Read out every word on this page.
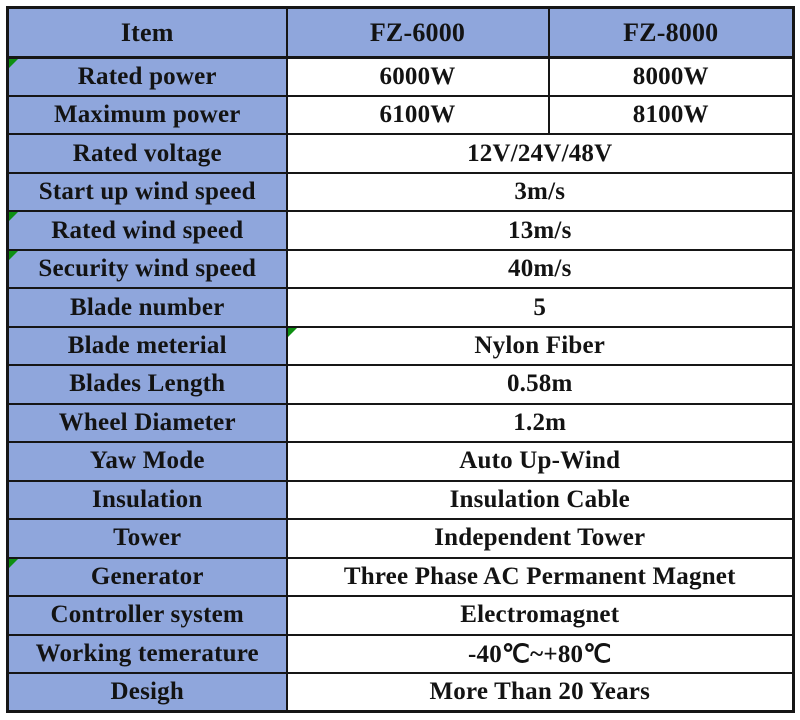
Item	FZ-6000	FZ-8000
Rated power	6000W	8000W
Maximum power	6100W	8100W
Rated voltage	12V/24V/48V	
Start up wind speed	3m/s	
Rated wind speed	13m/s	
Security wind speed	40m/s	
Blade number	5	
Blade meterial	Nylon Fiber	

Blades Length	0.58m	
Wheel Diameter	1.2m	
Yaw Mode	Auto Up-Wind	
Insulation	Insulation Cable	
Tower	Independent Tower	
Generator	Three Phase AC Permanent Magnet	
Controller system	Electromagnet	
Working temerature	-40℃~+80℃	
Desigh	More Than 20 Years	
